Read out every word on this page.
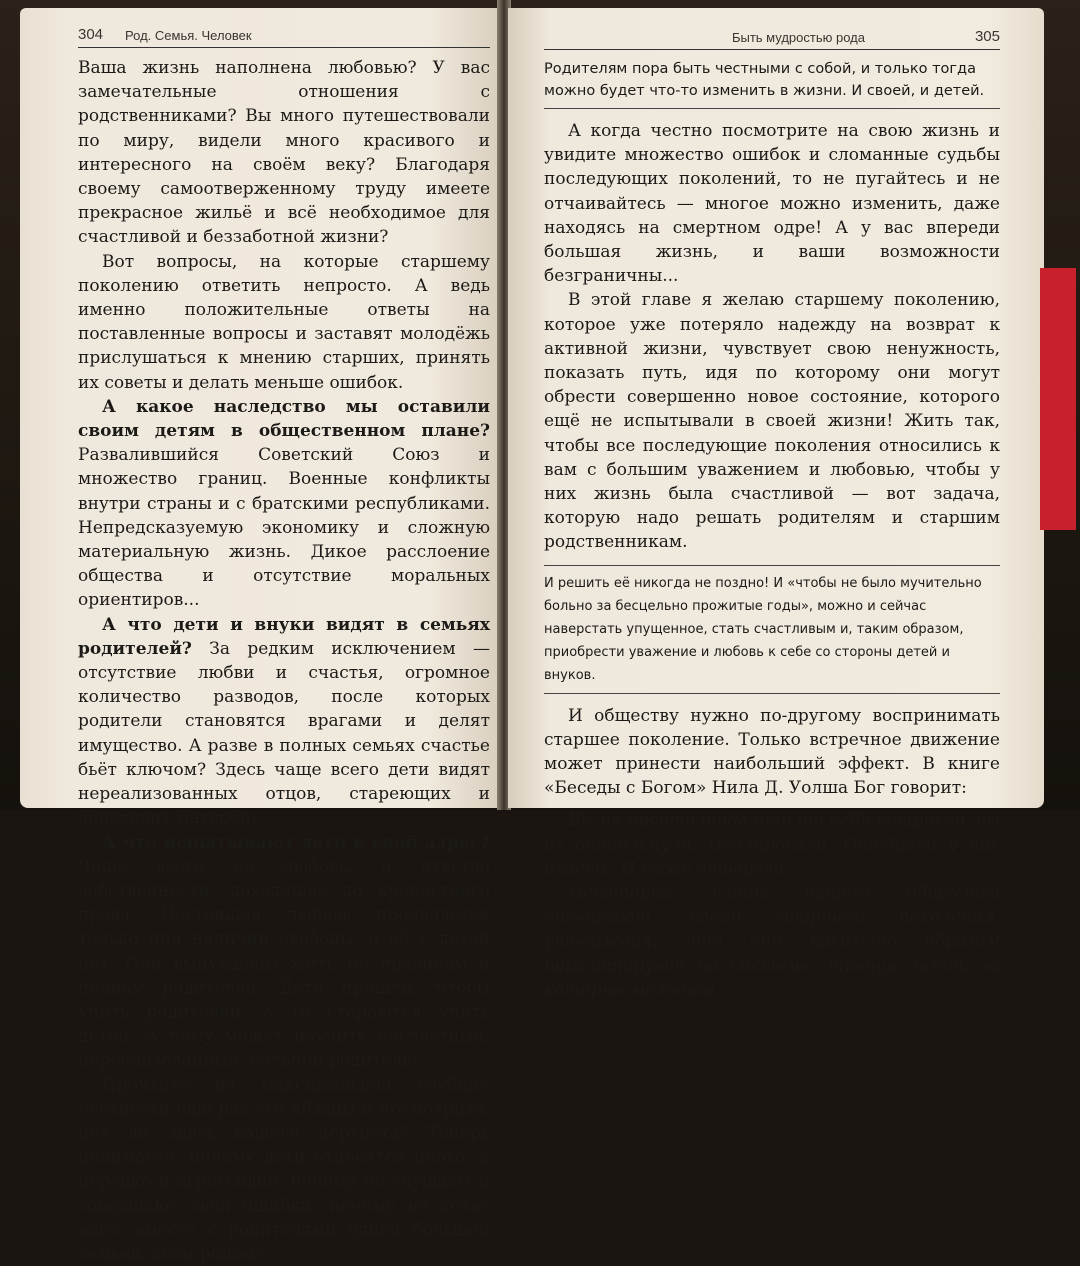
304 Род. Семья. Человек

Ваша жизнь наполнена любовью? У вас замечательные отношения с родственниками? Вы много путешествовали по миру, видели много красивого и интересного на своём веку? Благодаря своему самоотверженному труду имеете прекрасное жильё и всё необходимое для счастливой и беззаботной жизни?

Вот вопросы, на которые старшему поколению ответить непросто. А ведь именно положительные ответы на поставленные вопросы и заставят молодёжь прислушаться к мнению старших, принять их советы и делать меньше ошибок.

А какое наследство мы оставили своим детям в общественном плане? Развалившийся Советский Союз и множество границ. Военные конфликты внутри страны и с братскими республиками. Непредсказуемую экономику и сложную материальную жизнь. Дикое расслоение общества и отсутствие моральных ориентиров...

А что дети и внуки видят в семьях родителей? За редким исключением — отсутствие любви и счастья, огромное количество разводов, после которых родители становятся врагами и делят имущество. А разве в полных семьях счастье бьёт ключом? Здесь чаще всего дети видят нереализованных отцов, стареющих и болеющих матерей...

А что испытывают дети в свой адрес? Чаще всего не любовь, а чувство собственности, доходящее до крепостного права. Настоящая любовь проявляется только при наличии свободы, а её у детей нет. Они вынуждены жить по правилам и планам родителей. Дети пришли, чтобы учить родителей, а те стараются учить детей. А чему может научить несчастный, нереализованный, больной родитель?

Прочтите на максимальной глубине честности ещё раз эти абзацы и посмотрите, нет ли здесь вашего портрета? Теперь понимаете, почему дети относятся плохо, а нередко и агрессивно, почему не слушают и совершают свои ошибки, почему не хотят жить вместе с родителями одной большой семьёй, всем родом?

Быть мудростью рода	305
Родителям пора быть честными с собой, и только тогда можно будет что-то изменить в жизни. И своей, и детей.

А когда честно посмотрите на свою жизнь и увидите множество ошибок и сломанные судьбы последующих поколений, то не пугайтесь и не отчаивайтесь — многое можно изменить, даже находясь на смертном одре! А у вас впереди большая жизнь, и ваши возможности безграничны...

В этой главе я желаю старшему поколению, которое уже потеряло надежду на возврат к активной жизни, чувствует свою ненужность, показать путь, идя по которому они могут обрести совершенно новое состояние, которого ещё не испытывали в своей жизни! Жить так, чтобы все последующие поколения относились к вам с большим уважением и любовью, чтобы у них жизнь была счастливой — вот задача, которую надо решать родителям и старшим родственникам.

И решить её никогда не поздно! И «чтобы не было мучительно больно за бесцельно прожитые годы», можно и сейчас наверстать упущенное, стать счастливым и, таким образом, приобрести уважение и любовь к себе со стороны детей и внуков.

И обществу нужно по-другому воспринимать старшее поколение. Только встречное движение может принести наибольший эффект. В книге «Беседы с Богом» Нила Д. Уолша Бог говорит:

Вы не просто отдалили от себя стариков, вы их оттолкнули. Изолировали. Отобрали у них власть. И даже отвергли.

Некоторые члены вашего общества отвергают людей старшего поколения, утверждая, что они каким-то образом паразитируют на системе, требуя льгот, за которые молодым
